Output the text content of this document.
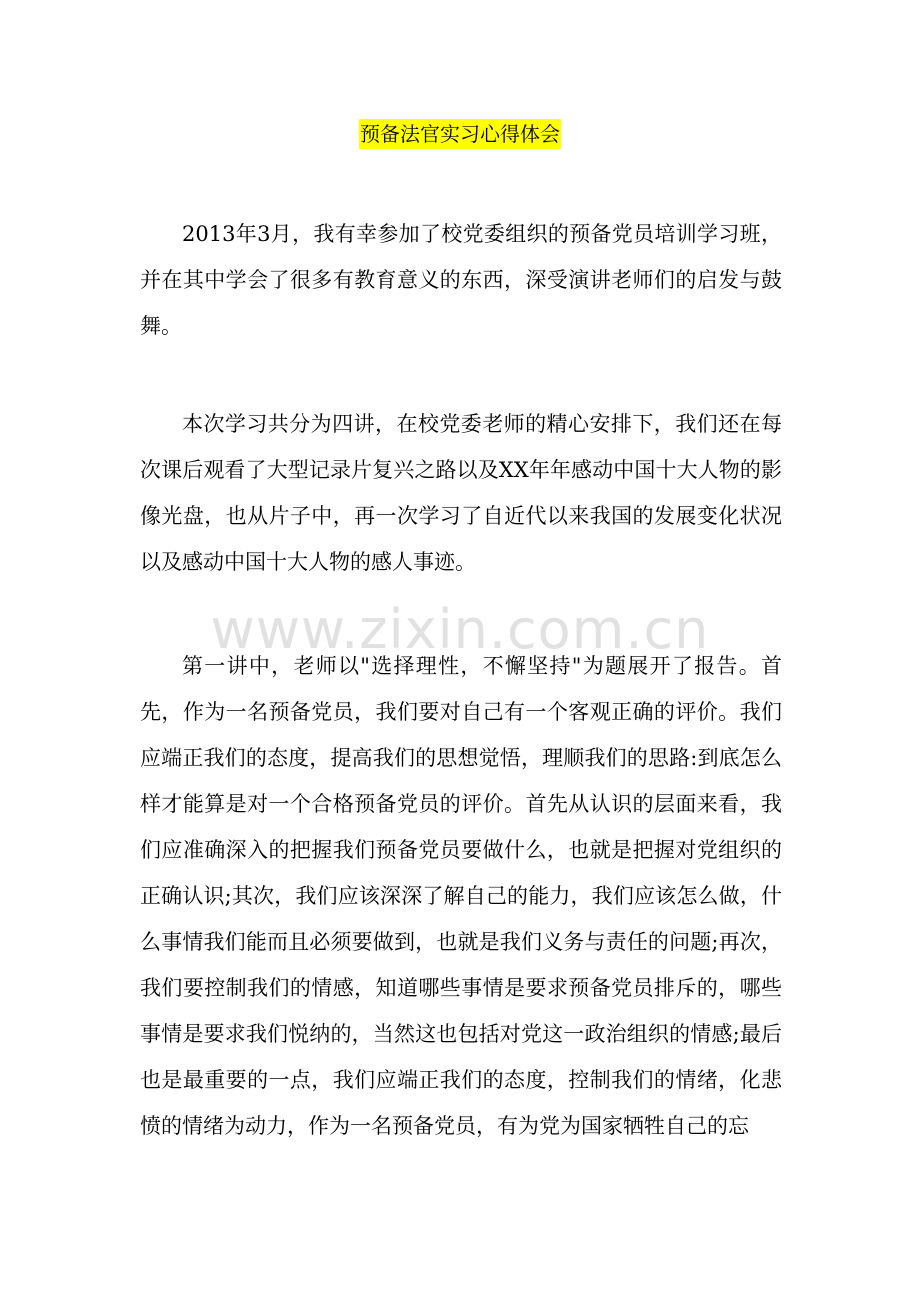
预备法官实习心得体会

2013年3月，我有幸参加了校党委组织的预备党员培训学习班，并在其中学会了很多有教育意义的东西，深受演讲老师们的启发与鼓舞。

本次学习共分为四讲，在校党委老师的精心安排下，我们还在每次课后观看了大型记录片复兴之路以及XX年年感动中国十大人物的影像光盘，也从片子中，再一次学习了自近代以来我国的发展变化状况以及感动中国十大人物的感人事迹。

第一讲中，老师以"选择理性，不懈坚持"为题展开了报告。首先，作为一名预备党员，我们要对自己有一个客观正确的评价。我们应端正我们的态度，提高我们的思想觉悟，理顺我们的思路:到底怎么样才能算是对一个合格预备党员的评价。首先从认识的层面来看，我们应准确深入的把握我们预备党员要做什么，也就是把握对党组织的正确认识;其次，我们应该深深了解自己的能力，我们应该怎么做，什么事情我们能而且必须要做到，也就是我们义务与责任的问题;再次，我们要控制我们的情感，知道哪些事情是要求预备党员排斥的，哪些事情是要求我们悦纳的，当然这也包括对党这一政治组织的情感;最后也是最重要的一点，我们应端正我们的态度，控制我们的情绪，化悲愤的情绪为动力，作为一名预备党员，有为党为国家牺牲自己的忘

www.zixin.com.cn
